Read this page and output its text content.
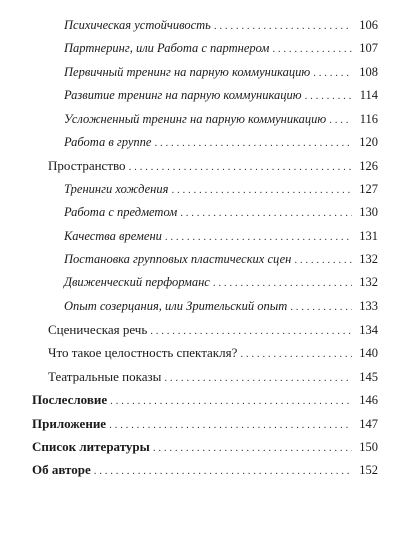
Психическая устойчивость . . .	106
Партнеринг, или Работа с партнером . . .	107
Первичный тренинг на парную коммуникацию . . .	108
Развитие тренинг на парную коммуникацию . . .	114
Усложненный тренинг на парную коммуникацию . . .	116
Работа в группе . . .	120
Пространство . . .	126
Тренинги хождения . . .	127
Работа с предметом . . .	130
Качества времени . . .	131
Постановка групповых пластических сцен . . .	132
Движенческий перформанс . . .	132
Опыт созерцания, или Зрительский опыт . . .	133
Сценическая речь . . .	134
Что такое целостность спектакля? . . .	140
Театральные показы . . .	145
Послесловие . . .	146
Приложение . . .	147
Список литературы . . .	150
Об авторе . . .	152
